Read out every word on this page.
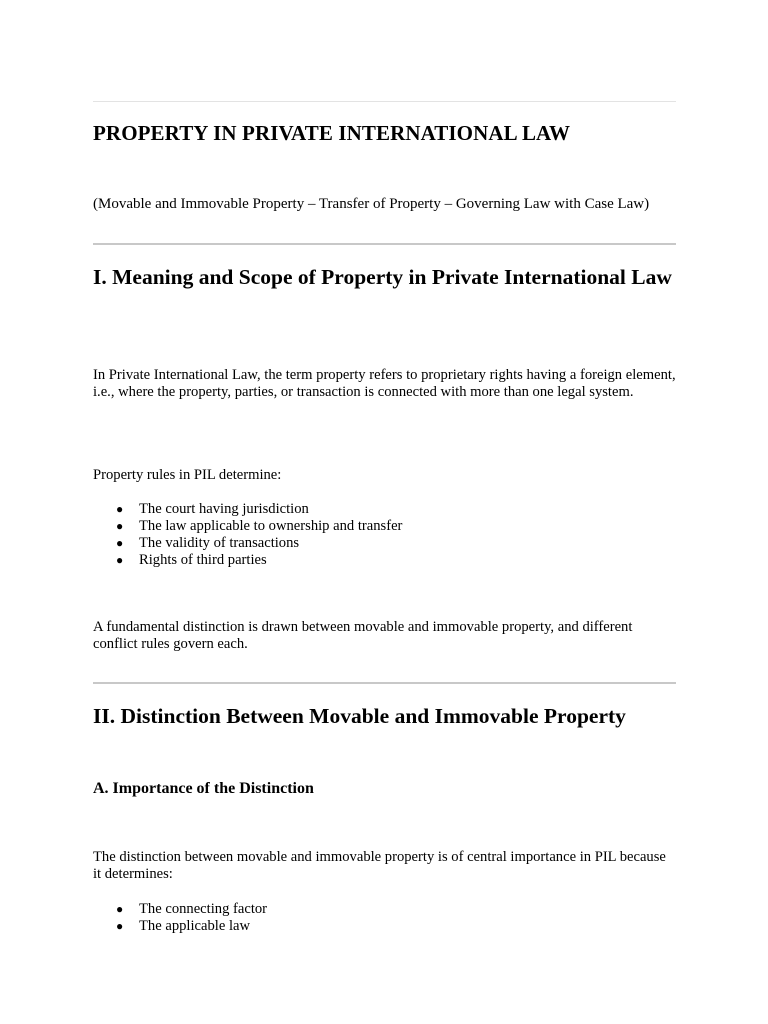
PROPERTY IN PRIVATE INTERNATIONAL LAW
(Movable and Immovable Property – Transfer of Property – Governing Law with Case Law)
I. Meaning and Scope of Property in Private International Law
In Private International Law, the term property refers to proprietary rights having a foreign element, i.e., where the property, parties, or transaction is connected with more than one legal system.
Property rules in PIL determine:
● The court having jurisdiction
● The law applicable to ownership and transfer
● The validity of transactions
● Rights of third parties
A fundamental distinction is drawn between movable and immovable property, and different conflict rules govern each.
II. Distinction Between Movable and Immovable Property
A. Importance of the Distinction
The distinction between movable and immovable property is of central importance in PIL because it determines:
● The connecting factor
● The applicable law
